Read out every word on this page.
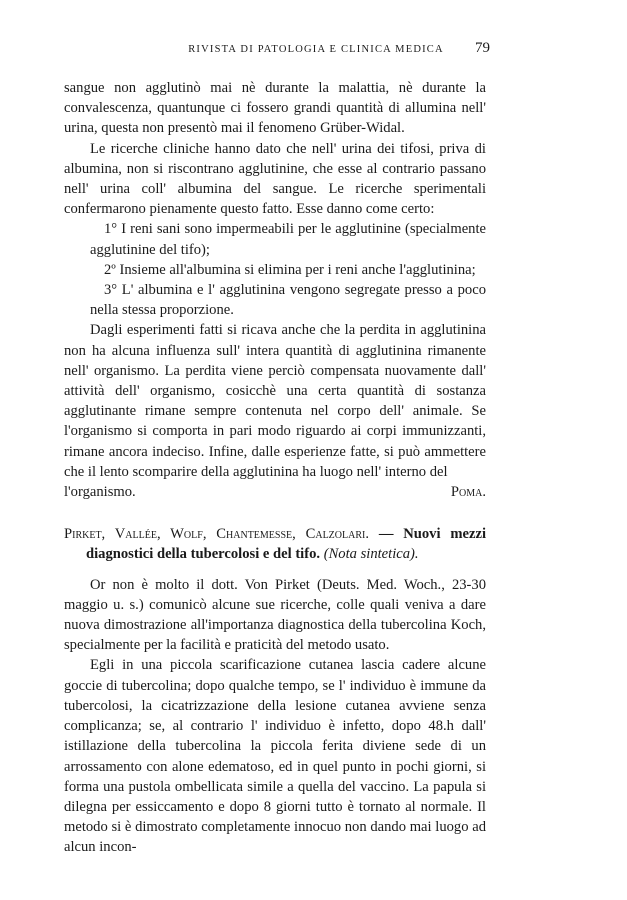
RIVISTA DI PATOLOGIA E CLINICA MEDICA	79

sangue non agglutinò mai nè durante la malattia, nè durante la convalescenza, quantunque ci fossero grandi quantità di allumina nell' urina, questa non presentò mai il fenomeno Grüber-Widal.

Le ricerche cliniche hanno dato che nell' urina dei tifosi, priva di albumina, non si riscontrano agglutinine, che esse al contrario passano nell' urina coll' albumina del sangue. Le ricerche sperimentali confermarono pienamente questo fatto. Esse danno come certo:

1° I reni sani sono impermeabili per le agglutinine (specialmente agglutinine del tifo);

2º Insieme all'albumina si elimina per i reni anche l'agglutinina;

3° L' albumina e l' agglutinina vengono segregate presso a poco nella stessa proporzione.

Dagli esperimenti fatti si ricava anche che la perdita in agglutinina non ha alcuna influenza sull' intera quantità di agglutinina rimanente nell' organismo. La perdita viene perciò compensata nuovamente dall' attività dell' organismo, cosicchè una certa quantità di sostanza agglutinante rimane sempre contenuta nel corpo dell' animale. Se l'organismo si comporta in pari modo riguardo ai corpi immunizzanti, rimane ancora indeciso. Infine, dalle esperienze fatte, si può ammettere che il lento scomparire della agglutinina ha luogo nell' interno del

l'organismo.	Poma.

Pirket, Vallée, Wolf, Chantemesse, Calzolari. — Nuovi mezzi diagnostici della tubercolosi e del tifo. (Nota sintetica).

Or non è molto il dott. Von Pirket (Deuts. Med. Woch., 23-30 maggio u. s.) comunicò alcune sue ricerche, colle quali veniva a dare nuova dimostrazione all'importanza diagnostica della tubercolina Koch, specialmente per la facilità e praticità del metodo usato.

Egli in una piccola scarificazione cutanea lascia cadere alcune goccie di tubercolina; dopo qualche tempo, se l' individuo è immune da tubercolosi, la cicatrizzazione della lesione cutanea avviene senza complicanza; se, al contrario l' individuo è infetto, dopo 48.h dall' istillazione della tubercolina la piccola ferita diviene sede di un arrossamento con alone edematoso, ed in quel punto in pochi giorni, si forma una pustola ombellicata simile a quella del vaccino. La papula si dilegna per essiccamento e dopo 8 giorni tutto è tornato al normale. Il metodo si è dimostrato completamente innocuo non dando mai luogo ad alcun incon-
